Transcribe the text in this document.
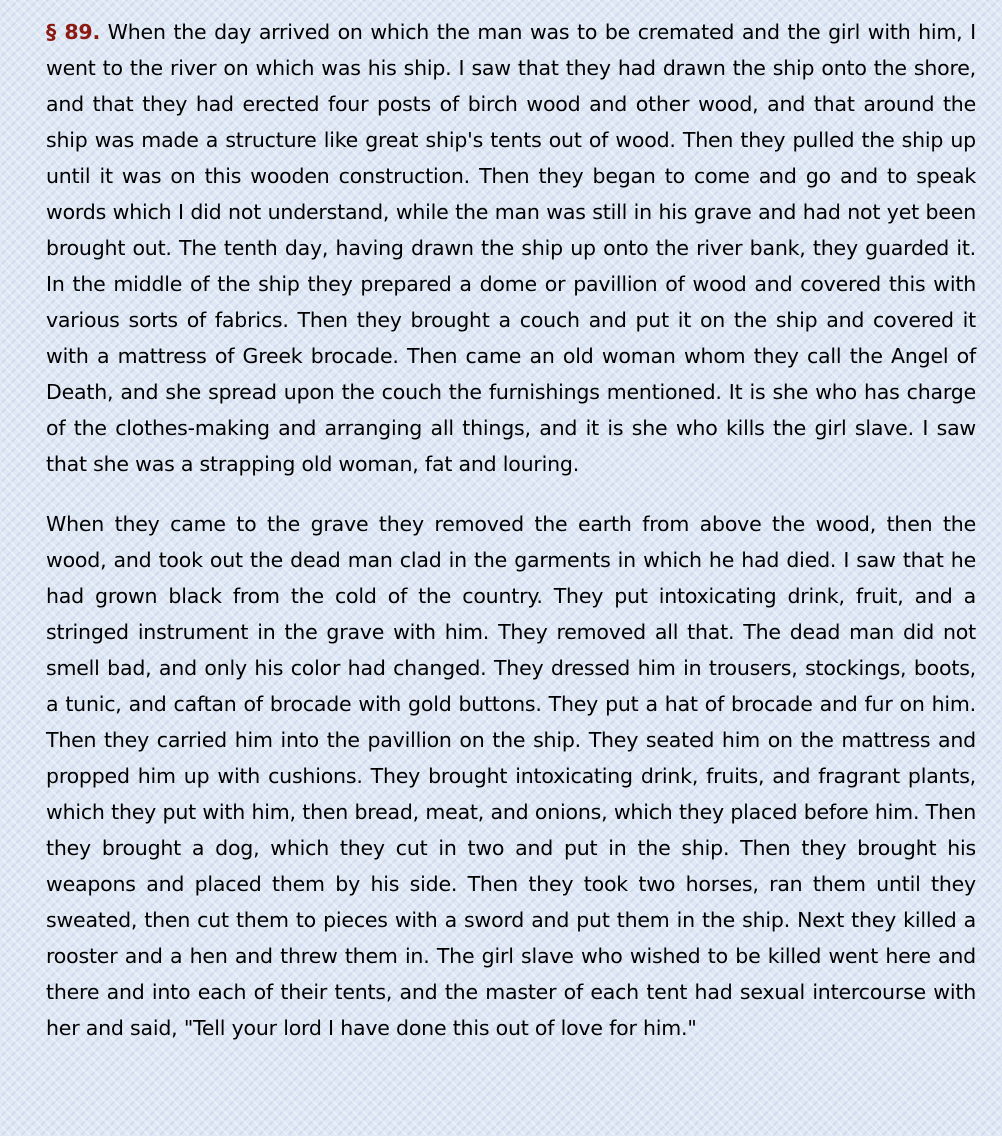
§ 89. When the day arrived on which the man was to be cremated and the girl with him, I went to the river on which was his ship. I saw that they had drawn the ship onto the shore, and that they had erected four posts of birch wood and other wood, and that around the ship was made a structure like great ship's tents out of wood. Then they pulled the ship up until it was on this wooden construction. Then they began to come and go and to speak words which I did not understand, while the man was still in his grave and had not yet been brought out. The tenth day, having drawn the ship up onto the river bank, they guarded it. In the middle of the ship they prepared a dome or pavillion of wood and covered this with various sorts of fabrics. Then they brought a couch and put it on the ship and covered it with a mattress of Greek brocade. Then came an old woman whom they call the Angel of Death, and she spread upon the couch the furnishings mentioned. It is she who has charge of the clothes-making and arranging all things, and it is she who kills the girl slave. I saw that she was a strapping old woman, fat and louring.

When they came to the grave they removed the earth from above the wood, then the wood, and took out the dead man clad in the garments in which he had died. I saw that he had grown black from the cold of the country. They put intoxicating drink, fruit, and a stringed instrument in the grave with him. They removed all that. The dead man did not smell bad, and only his color had changed. They dressed him in trousers, stockings, boots, a tunic, and caftan of brocade with gold buttons. They put a hat of brocade and fur on him. Then they carried him into the pavillion on the ship. They seated him on the mattress and propped him up with cushions. They brought intoxicating drink, fruits, and fragrant plants, which they put with him, then bread, meat, and onions, which they placed before him. Then they brought a dog, which they cut in two and put in the ship. Then they brought his weapons and placed them by his side. Then they took two horses, ran them until they sweated, then cut them to pieces with a sword and put them in the ship. Next they killed a rooster and a hen and threw them in. The girl slave who wished to be killed went here and there and into each of their tents, and the master of each tent had sexual intercourse with her and said, "Tell your lord I have done this out of love for him."
